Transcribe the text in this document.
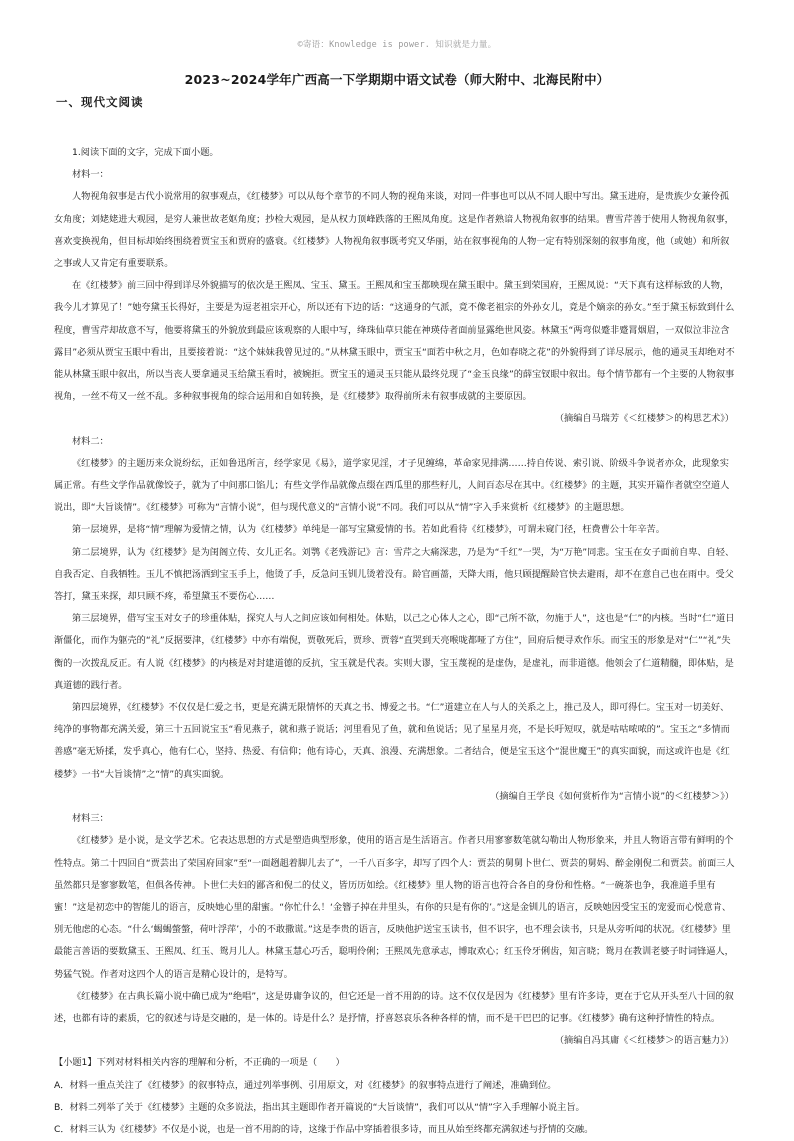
©寄语：Knowledge is power. 知识就是力量。
2023~2024学年广西高一下学期期中语文试卷（师大附中、北海民附中）
一、现代文阅读

1.阅读下面的文字，完成下面小题。

材料一：

人物视角叙事是古代小说常用的叙事观点，《红楼梦》可以从每个章节的不同人物的视角来谈，对同一件事也可以从不同人眼中写出。黛玉进府，是贵族少女兼伶孤女角度；刘姥姥进大观园，是穷人兼世故老妪角度；抄检大观园，是从权力顶峰跌落的王熙凤角度。这是作者熟谙人物视角叙事的结果。曹雪芹善于使用人物视角叙事，喜欢变换视角，但目标却始终围绕着贾宝玉和贾府的盛衰。《红楼梦》人物视角叙事既考究又华丽，站在叙事视角的人物一定有特别深刻的叙事角度，他（或她）和所叙之事或人又肯定有重要联系。

在《红楼梦》前三回中得到详尽外貌描写的依次是王熙凤、宝玉、黛玉。王熙凤和宝玉都映现在黛玉眼中。黛玉到荣国府，王熙凤说：“天下真有这样标致的人物，我今儿才算见了！”她夸黛玉长得好，主要是为逗老祖宗开心，所以还有下边的话：“这通身的气派，竟不像老祖宗的外孙女儿，竟是个嫡亲的孙女。”至于黛玉标致到什么程度，曹雪芹却故意不写，他要将黛玉的外貌放到最应该观察的人眼中写，绛珠仙草只能在神瑛侍者面前显露绝世风姿。林黛玉“两弯似蹙非蹙罥烟眉，一双似泣非泣含露目”必须从贾宝玉眼中看出，且要接着说：“这个妹妹我曾见过的。”从林黛玉眼中，贾宝玉“面若中秋之月，色如春晓之花”的外貌得到了详尽展示，他的通灵玉却绝对不能从林黛玉眼中叙出，所以当丧人要拿通灵玉给黛玉看时，被婉拒。贾宝玉的通灵玉只能从最终兑现了“金玉良缘”的薛宝钗眼中叙出。每个情节都有一个主要的人物叙事视角，一丝不苟又一丝不乱。多种叙事视角的综合运用和自如转换，是《红楼梦》取得前所未有叙事成就的主要原因。

（摘编自马瑞芳《＜红楼梦＞的构思艺术》）

材料二：

《红楼梦》的主题历来众说纷纭，正如鲁迅所言，经学家见《易》，道学家见淫，才子见缠绵，革命家见排满……持自传说、索引说、阶级斗争说者亦众，此现象实属正常。有些文学作品就像饺子，就为了中间那口馅儿；有些文学作品就像点缀在西瓜里的那些籽儿，人间百态尽在其中。《红楼梦》的主题，其实开篇作者就空空道人说出，即“大旨谈情”。《红楼梦》可称为“言情小说”，但与现代意义的“言情小说”不同。我们可以从“情”字入手来赏析《红楼梦》的主题思想。

第一层境界，是将“情”理解为爱情之情，认为《红楼梦》单纯是一部写宝黛爱情的书。若如此看待《红楼梦》，可谓未窥门径，枉费曹公十年辛苦。

第二层境界，认为《红楼梦》是为闺阁立传、女儿正名。刘鹗《老残游记》言：雪芹之大痛深悲，乃是为“千红”一哭，为“万艳”同悲。宝玉在女子面前自卑、自轻、自我否定、自我牺牲。玉儿不慎把汤洒到宝玉手上，他烫了手，反急问玉钏儿烫着没有。龄官画蔷，天降大雨，他只顾提醒龄官快去避雨，却不在意自己也在雨中。受父答打，黛玉来探，却只顾不疼，希望黛玉不要伤心……

第三层境界，借写宝玉对女子的珍重体贴，探究人与人之间应该如何相处。体贴，以己之心体人之心，即“己所不欲，勿施于人”，这也是“仁”的内核。当时“仁”道日渐僵化，而作为躯壳的“礼”反据要津，《红楼梦》中亦有端倪，贾敬死后，贾珍、贾蓉“直哭到天亮喉咙都哑了方住”，回府后便寻欢作乐。而宝玉的形象是对“仁”“礼”失衡的一次拨乱反正。有人说《红楼梦》的内核是对封建道德的反抗，宝玉就是代表。实则大谬，宝玉蔑视的是虚伪，是虚礼，而非道德。他领会了仁道精髓，即体贴，是真道德的践行者。

第四层境界，《红楼梦》不仅仅是仁爱之书，更是充满无限情怀的天真之书、博爱之书。“仁”道建立在人与人的关系之上，推己及人，即可得仁。宝玉对一切美好、纯净的事物都充满关爱，第三十五回说宝玉“看见燕子，就和燕子说话；河里看见了鱼，就和鱼说话；见了星星月亮，不是长吁短叹，就是咕咕哝哝的”。宝玉之“多情而善感”毫无矫揉，发乎真心，他有仁心，坚持、热爱、有信仰；他有诗心，天真、浪漫、充满想象。二者结合，便是宝玉这个“混世魔王”的真实面貌，而这或许也是《红楼梦》一书“大旨谈情”之“情”的真实面貌。

（摘编自王学良《如何赏析作为“言情小说”的＜红楼梦＞》）

材料三：

《红楼梦》是小说，是文学艺术。它表达思想的方式是塑造典型形象，使用的语言是生活语言。作者只用寥寥数笔就勾勒出人物形象来，并且人物语言带有鲜明的个性特点。第二十四回自“贾芸出了荣国府回家”至“一面趔趄着脚儿去了”，一千八百多字，却写了四个人：贾芸的舅舅卜世仁、贾芸的舅妈、醉金刚倪二和贾芸。前面三人虽然都只是寥寥数笔，但俱各传神。卜世仁夫妇的鄙吝和倪二的仗义，皆历历如绘。《红楼梦》里人物的语言也符合各自的身份和性格。“一碗茶也争，我准道手里有蜜！”这是初恋中的智能儿的语言，反映她心里的甜蜜。“你忙什么！‘金簪子掉在井里头，有你的只是有你的’。”这是金钏儿的语言，反映她因受宝玉的宠爱而心悦意肯、别无他虑的心态。“什么‘蝎蝎螫螫，荷叶浮萍’，小的不敢撒谎。”这是李贵的语言，反映他护送宝玉读书，但不识字，也不理会读书，只是从旁听闻的状况。《红楼梦》里最能言善语的要数黛玉、王熙凤、红玉、鸳月儿人。林黛玉慧心巧舌，聪明伶俐；王熙凤先意承志，博取欢心；红玉伶牙俐齿，知言晓；鸳月在教训老婆子时词锋逼人，势猛气锐。作者对这四个人的语言是精心设计的，是特写。

《红楼梦》在古典长篇小说中确已成为“绝唱”，这是毋庸争议的，但它还是一首不用韵的诗。这不仅仅是因为《红楼梦》里有许多诗，更在于它从开头至八十回的叙述，也都有诗的素质，它的叙述与诗是交融的，是一体的。诗是什么？是抒情，抒喜怒哀乐各种各样的情，而不是干巴巴的记事。《红楼梦》确有这种抒情性的特点。

（摘编自冯其庸《＜红楼梦＞的语言魅力》）

【小题1】下列对材料相关内容的理解和分析，不正确的一项是（　　）

A．材料一重点关注了《红楼梦》的叙事特点，通过列举事例、引用原文，对《红楼梦》的叙事特点进行了阐述，准确到位。

B．材料二列举了关于《红楼梦》主题的众多说法，指出其主题即作者开篇说的“大旨谈情”，我们可以从“情”字入手理解小说主旨。

C．材料三认为《红楼梦》不仅是小说，也是一首不用韵的诗，这缘于作品中穿插着很多诗，而且从始至终都充满叙述与抒情的交融。
